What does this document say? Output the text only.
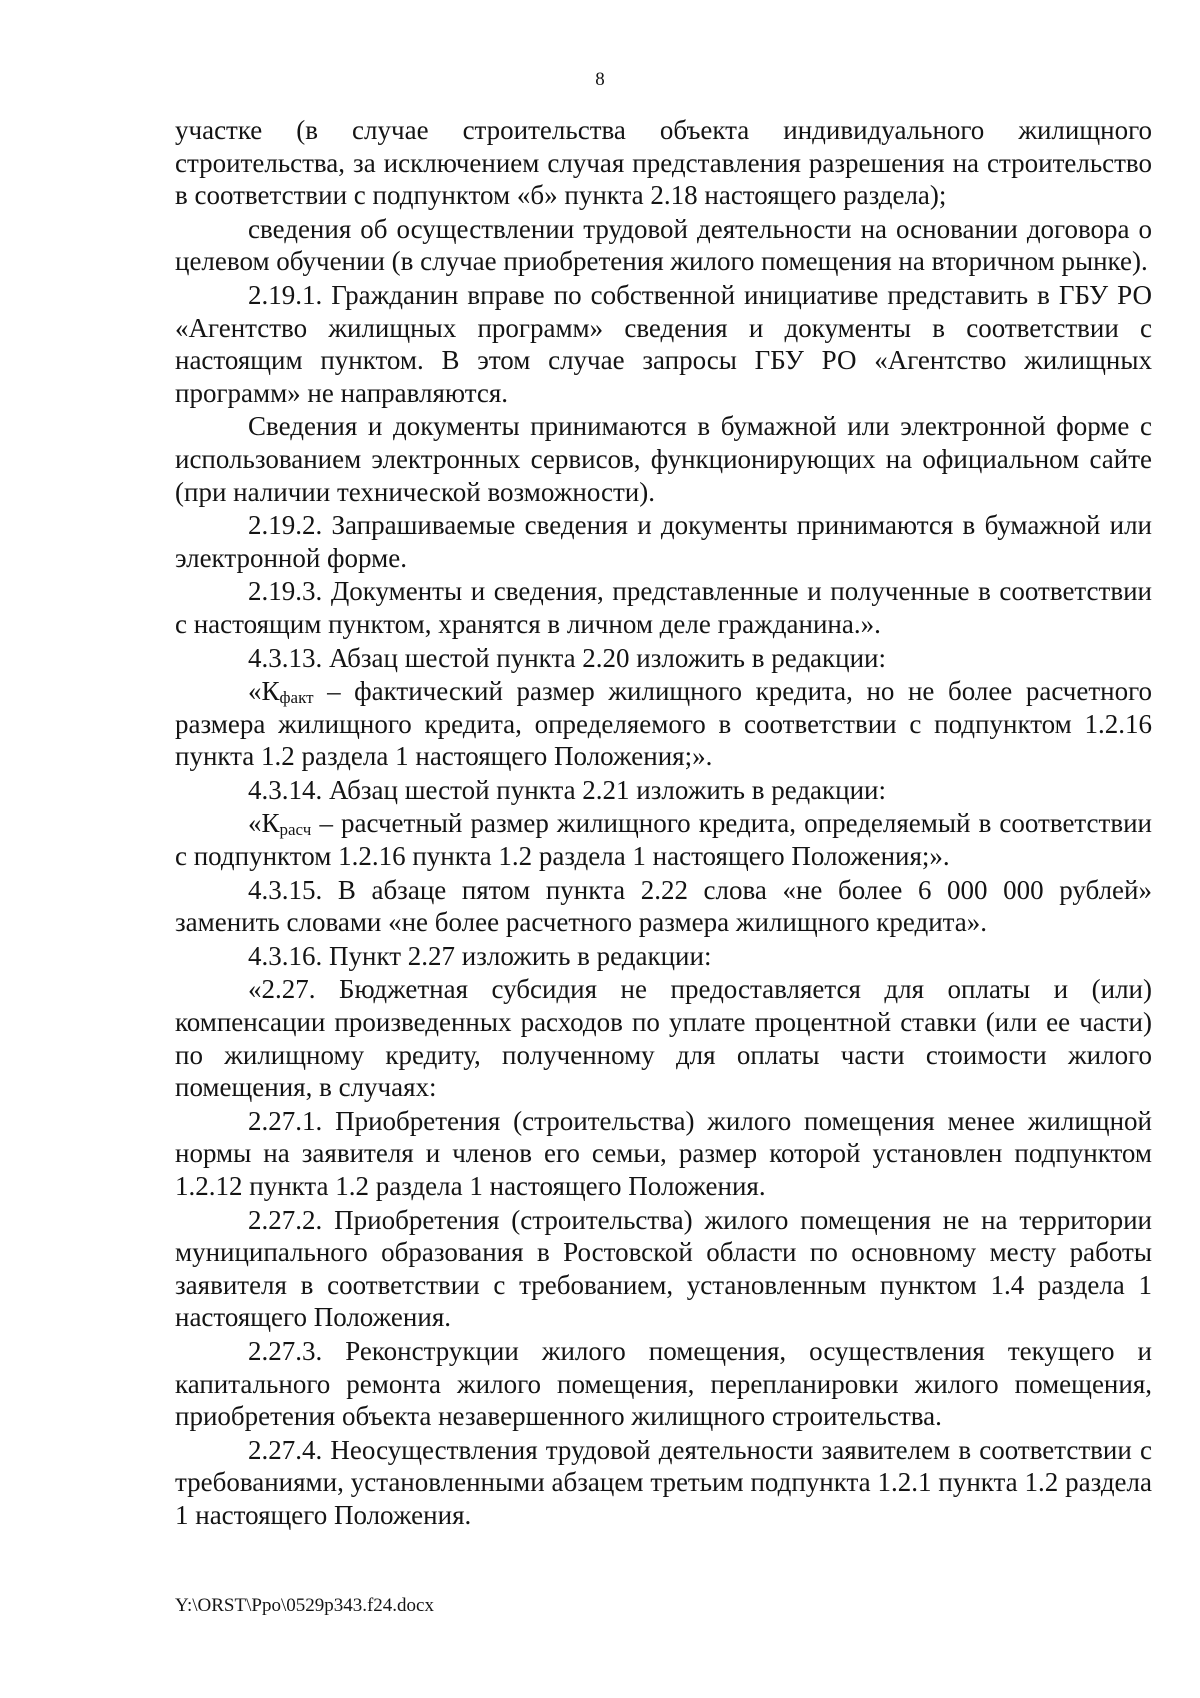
8

участке (в случае строительства объекта индивидуального жилищного строительства, за исключением случая представления разрешения на строительство в соответствии с подпунктом «б» пункта 2.18 настоящего раздела);

сведения об осуществлении трудовой деятельности на основании договора о целевом обучении (в случае приобретения жилого помещения на вторичном рынке).

2.19.1. Гражданин вправе по собственной инициативе представить в ГБУ РО «Агентство жилищных программ» сведения и документы в соответствии с настоящим пунктом. В этом случае запросы ГБУ РО «Агентство жилищных программ» не направляются.

Сведения и документы принимаются в бумажной или электронной форме с использованием электронных сервисов, функционирующих на официальном сайте (при наличии технической возможности).

2.19.2. Запрашиваемые сведения и документы принимаются в бумажной или электронной форме.

2.19.3. Документы и сведения, представленные и полученные в соответствии с настоящим пунктом, хранятся в личном деле гражданина.».

4.3.13. Абзац шестой пункта 2.20 изложить в редакции:

«Кфакт – фактический размер жилищного кредита, но не более расчетного размера жилищного кредита, определяемого в соответствии с подпунктом 1.2.16 пункта 1.2 раздела 1 настоящего Положения;».

4.3.14. Абзац шестой пункта 2.21 изложить в редакции:

«Красч – расчетный размер жилищного кредита, определяемый в соответствии с подпунктом 1.2.16 пункта 1.2 раздела 1 настоящего Положения;».

4.3.15. В абзаце пятом пункта 2.22 слова «не более 6 000 000 рублей» заменить словами «не более расчетного размера жилищного кредита».

4.3.16. Пункт 2.27 изложить в редакции:

«2.27. Бюджетная субсидия не предоставляется для оплаты и (или) компенсации произведенных расходов по уплате процентной ставки (или ее части) по жилищному кредиту, полученному для оплаты части стоимости жилого помещения, в случаях:

2.27.1. Приобретения (строительства) жилого помещения менее жилищной нормы на заявителя и членов его семьи, размер которой установлен подпунктом 1.2.12 пункта 1.2 раздела 1 настоящего Положения.

2.27.2. Приобретения (строительства) жилого помещения не на территории муниципального образования в Ростовской области по основному месту работы заявителя в соответствии с требованием, установленным пунктом 1.4 раздела 1 настоящего Положения.

2.27.3. Реконструкции жилого помещения, осуществления текущего и капитального ремонта жилого помещения, перепланировки жилого помещения, приобретения объекта незавершенного жилищного строительства.

2.27.4. Неосуществления трудовой деятельности заявителем в соответствии с требованиями, установленными абзацем третьим подпункта 1.2.1 пункта 1.2 раздела 1 настоящего Положения.

Y:\ORST\Ppo\0529p343.f24.docx
